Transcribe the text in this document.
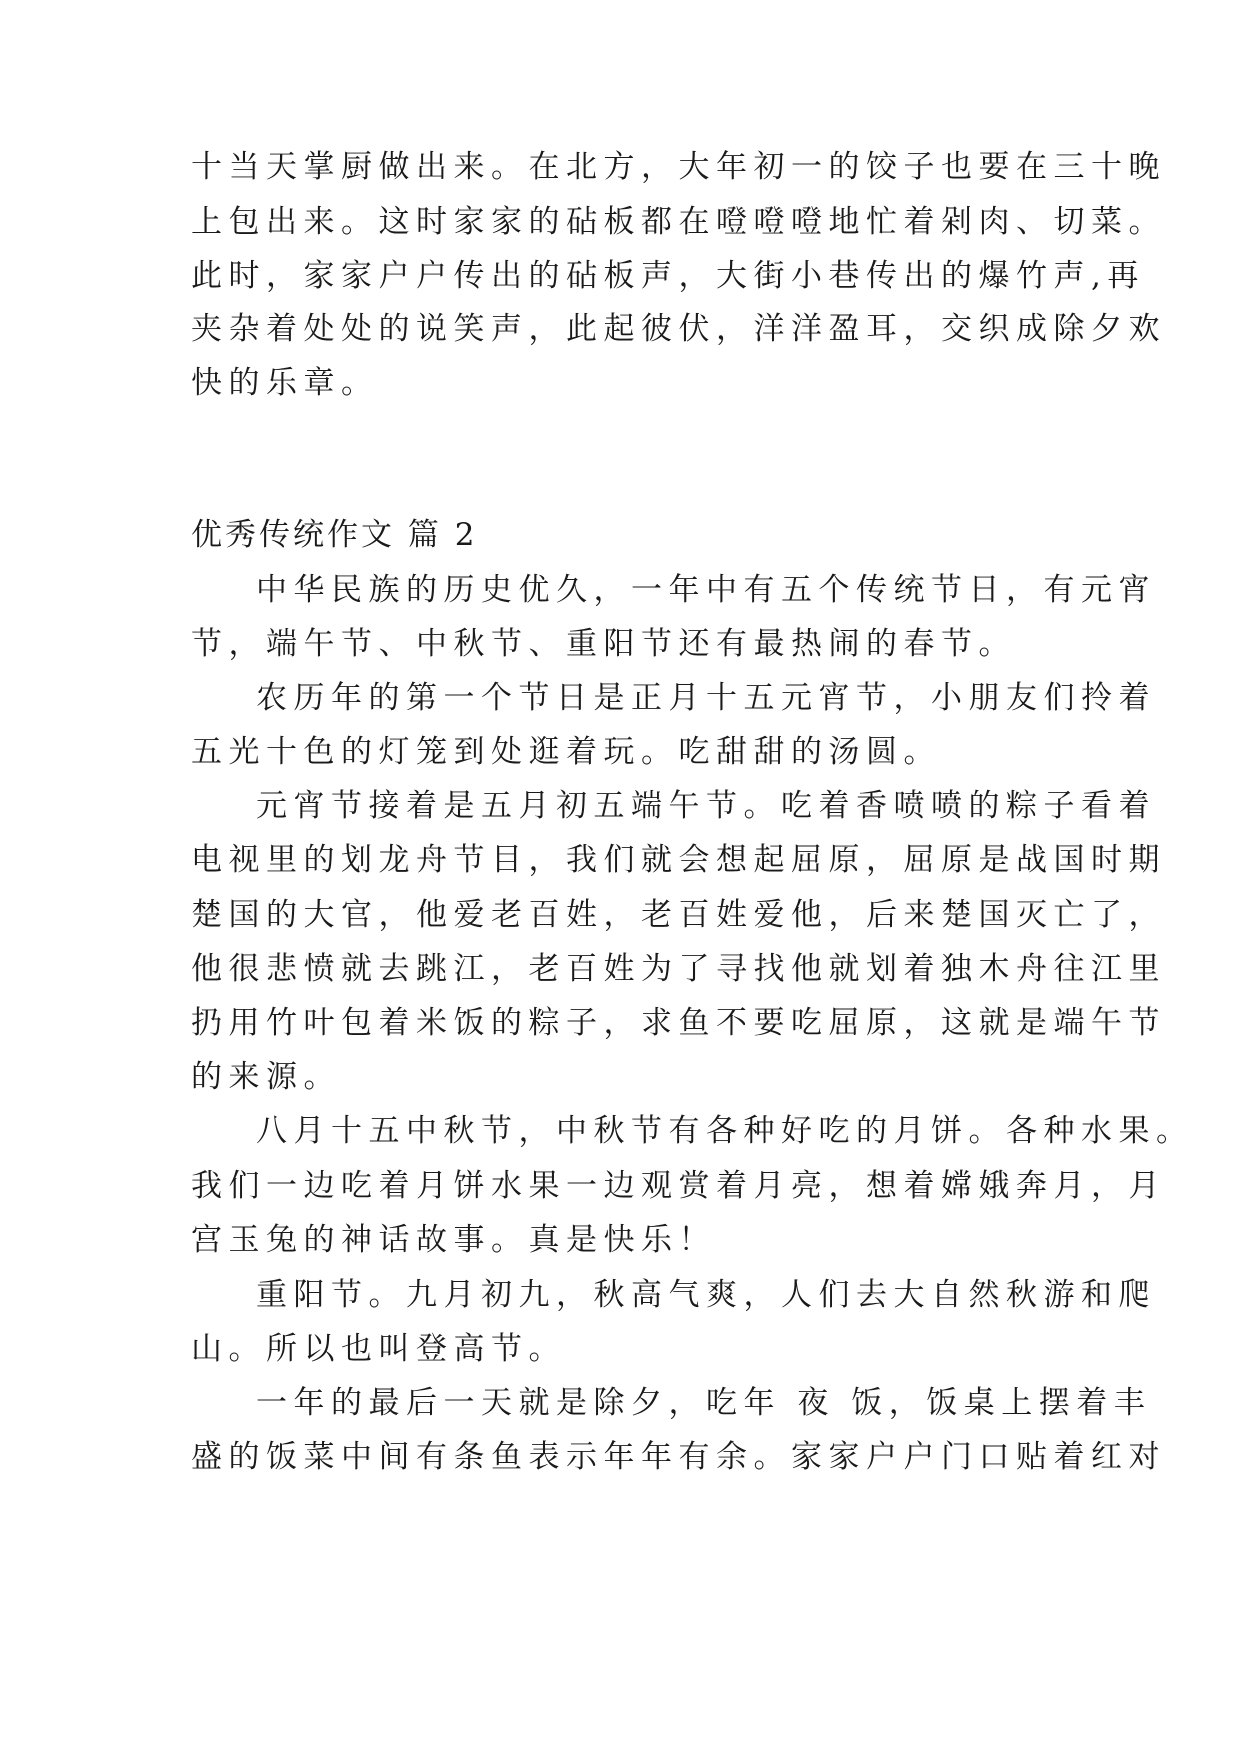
十当天掌厨做出来。在北方，大年初一的饺子也要在三十晚
上包出来。这时家家的砧板都在噔噔噔地忙着剁肉、切菜。
此时，家家户户传出的砧板声，大街小巷传出的爆竹声,再
夹杂着处处的说笑声，此起彼伏，洋洋盈耳，交织成除夕欢
快的乐章。
优秀传统作文 篇 2
中华民族的历史优久，一年中有五个传统节日，有元宵
节，端午节、中秋节、重阳节还有最热闹的春节。
农历年的第一个节日是正月十五元宵节，小朋友们拎着
五光十色的灯笼到处逛着玩。吃甜甜的汤圆。
元宵节接着是五月初五端午节。吃着香喷喷的粽子看着
电视里的划龙舟节目，我们就会想起屈原，屈原是战国时期
楚国的大官，他爱老百姓，老百姓爱他，后来楚国灭亡了，
他很悲愤就去跳江，老百姓为了寻找他就划着独木舟往江里
扔用竹叶包着米饭的粽子，求鱼不要吃屈原，这就是端午节
的来源。
八月十五中秋节，中秋节有各种好吃的月饼。各种水果。
我们一边吃着月饼水果一边观赏着月亮，想着嫦娥奔月，月
宫玉兔的神话故事。真是快乐！
重阳节。九月初九，秋高气爽，人们去大自然秋游和爬
山。所以也叫登高节。
一年的最后一天就是除夕，吃年 夜 饭，饭桌上摆着丰
盛的饭菜中间有条鱼表示年年有余。家家户户门口贴着红对
